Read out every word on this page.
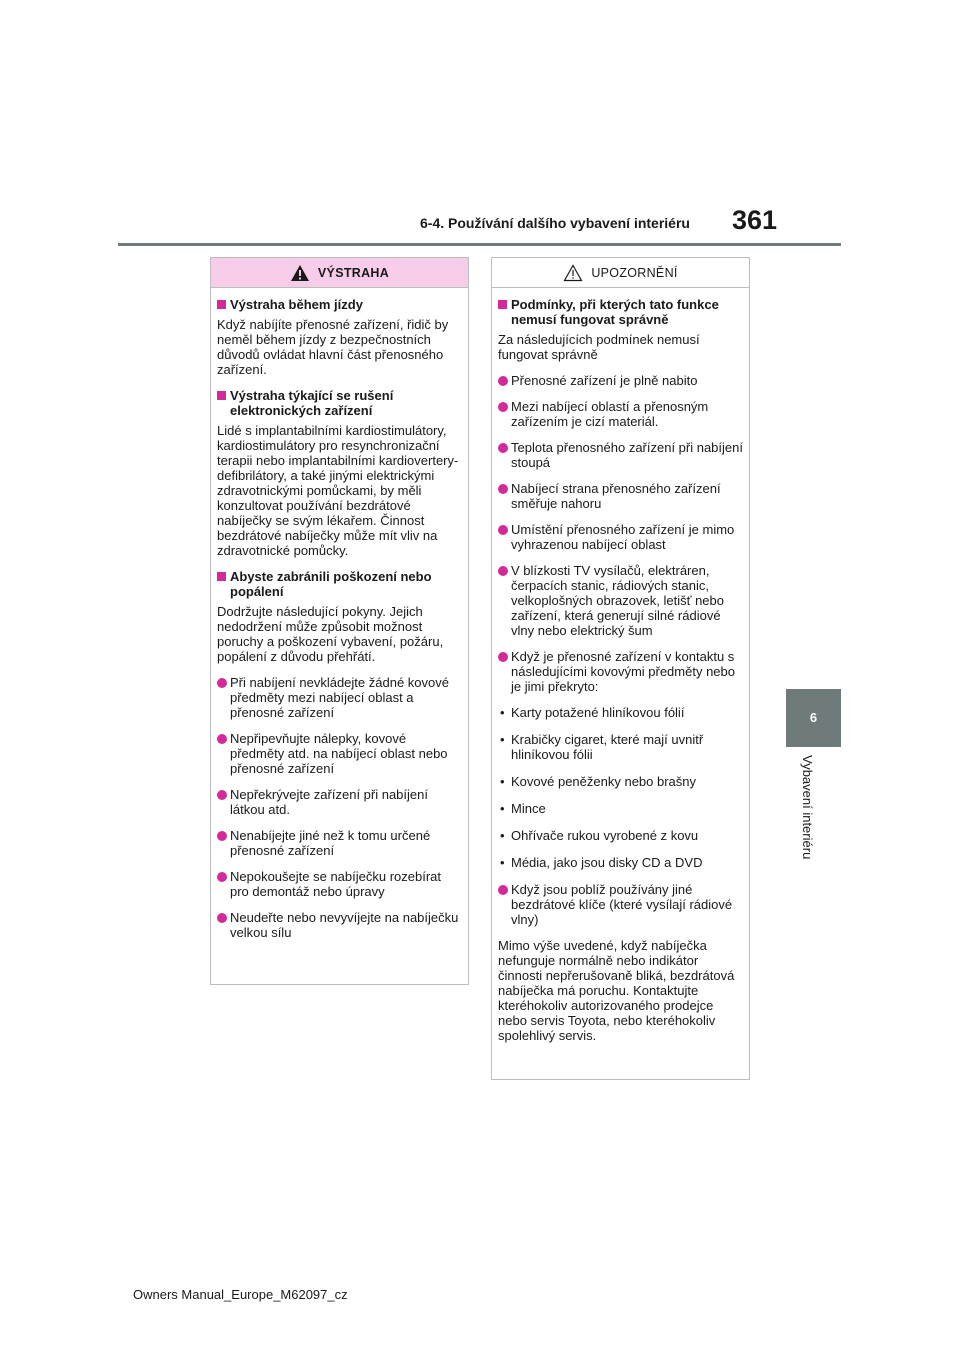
6-4. Používání dalšího vybavení interiéru 361
6
Vybavení interiéru
VÝSTRAHA
Výstraha během jízdy
Když nabíjíte přenosné zařízení, řidič by neměl během jízdy z bezpečnostních důvodů ovládat hlavní část přenosného zařízení.
Výstraha týkající se rušení elektronických zařízení
Lidé s implantabilními kardiostimulátory, kardiostimulátory pro resynchronizační terapii nebo implantabilními kardiovertery-defibrilátory, a také jinými elektrickými zdravotnickými pomůckami, by měli konzultovat používání bezdrátové nabíječky se svým lékařem. Činnost bezdrátové nabíječky může mít vliv na zdravotnické pomůcky.
Abyste zabránili poškození nebo popálení
Dodržujte následující pokyny. Jejich nedodržení může způsobit možnost poruchy a poškození vybavení, požáru, popálení z důvodu přehřátí.
Při nabíjení nevkládejte žádné kovové předměty mezi nabíjecí oblast a přenosné zařízení
Nepřipevňujte nálepky, kovové předměty atd. na nabíjecí oblast nebo přenosné zařízení
Nepřekrývejte zařízení při nabíjení látkou atd.
Nenabíjejte jiné než k tomu určené přenosné zařízení
Nepokoušejte se nabíječku rozebírat pro demontáž nebo úpravy
Neudeřte nebo nevyvíjejte na nabíječku velkou sílu
UPOZORNĚNÍ
Podmínky, při kterých tato funkce nemusí fungovat správně
Za následujících podmínek nemusí fungovat správně
Přenosné zařízení je plně nabito
Mezi nabíjecí oblastí a přenosným zařízením je cizí materiál.
Teplota přenosného zařízení při nabíjení stoupá
Nabíjecí strana přenosného zařízení směřuje nahoru
Umístění přenosného zařízení je mimo vyhrazenou nabíjecí oblast
V blízkosti TV vysílačů, elektráren, čerpacích stanic, rádiových stanic, velkoplošných obrazovek, letišť nebo zařízení, která generují silné rádiové vlny nebo elektrický šum
Když je přenosné zařízení v kontaktu s následujícími kovovými předměty nebo je jimi překryto:
• Karty potažené hliníkovou fólií
• Krabičky cigaret, které mají uvnitř hliníkovou fólii
• Kovové peněženky nebo brašny
• Mince
• Ohřívače rukou vyrobené z kovu
• Média, jako jsou disky CD a DVD
Když jsou poblíž používány jiné bezdrátové klíče (které vysílají rádiové vlny)
Mimo výše uvedené, když nabíječka nefunguje normálně nebo indikátor činnosti nepřerušovaně bliká, bezdrátová nabíječka má poruchu. Kontaktujte kteréhokoliv autorizovaného prodejce nebo servis Toyota, nebo kteréhokoliv spolehlivý servis.
Owners Manual_Europe_M62097_cz
